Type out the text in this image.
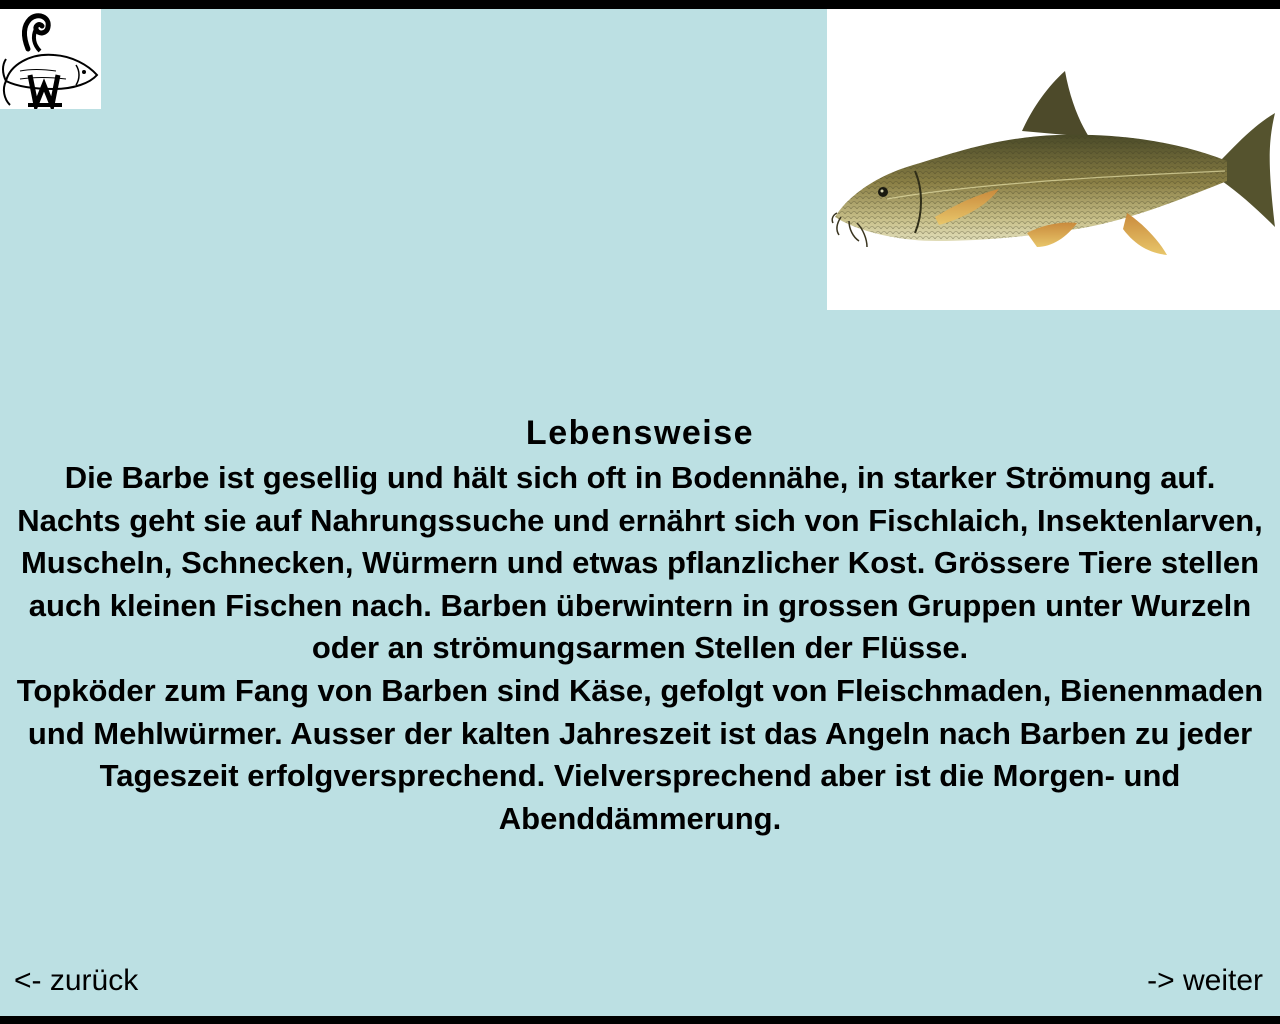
Lebensweise
Die Barbe ist gesellig und hält sich oft in Bodennähe, in starker Strömung auf. Nachts geht sie auf Nahrungssuche und ernährt sich von Fischlaich, Insektenlarven, Muscheln, Schnecken, Würmern und etwas pflanzlicher Kost. Grössere Tiere stellen auch kleinen Fischen nach. Barben überwintern in grossen Gruppen unter Wurzeln oder an strömungsarmen Stellen der Flüsse.
Topköder zum Fang von Barben sind Käse, gefolgt von Fleischmaden, Bienenmaden und Mehlwürmer. Ausser der kalten Jahreszeit ist das Angeln nach Barben zu jeder Tageszeit erfolgversprechend. Vielversprechend aber ist die Morgen- und Abenddämmerung.
<- zurück	-> weiter
